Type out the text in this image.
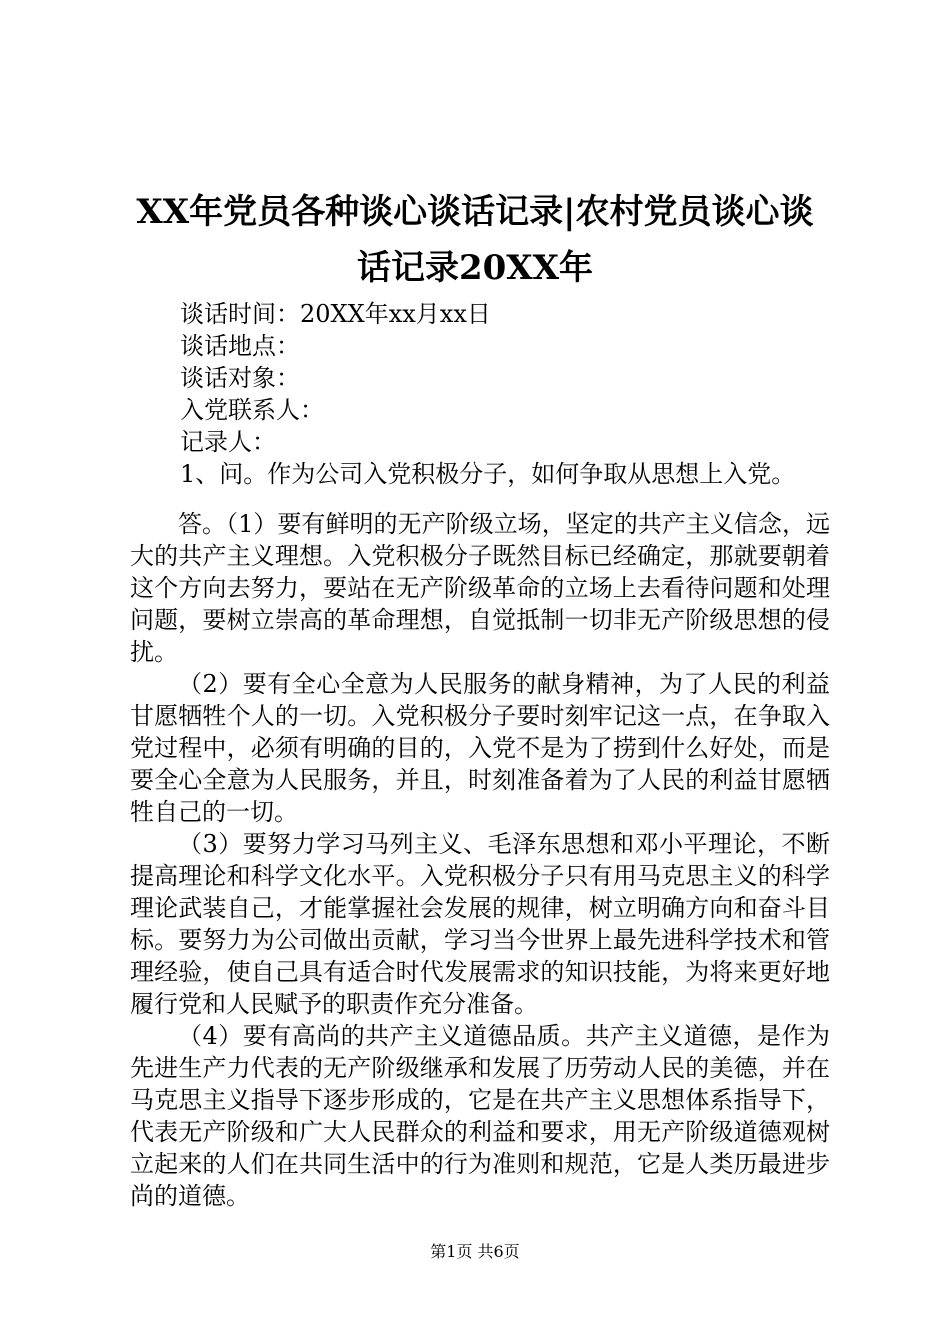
XX年党员各种谈心谈话记录|农村党员谈心谈话记录20XX年
谈话时间：20XX年xx月xx日
谈话地点：
谈话对象：
入党联系人：
记录人：
1、问。作为公司入党积极分子，如何争取从思想上入党。

答。（1）要有鲜明的无产阶级立场，坚定的共产主义信念，远大的共产主义理想。入党积极分子既然目标已经确定，那就要朝着这个方向去努力，要站在无产阶级革命的立场上去看待问题和处理问题，要树立崇高的革命理想，自觉抵制一切非无产阶级思想的侵扰。

（2）要有全心全意为人民服务的献身精神，为了人民的利益甘愿牺牲个人的一切。入党积极分子要时刻牢记这一点，在争取入党过程中，必须有明确的目的，入党不是为了捞到什么好处，而是要全心全意为人民服务，并且，时刻准备着为了人民的利益甘愿牺牲自己的一切。

（3）要努力学习马列主义、毛泽东思想和邓小平理论，不断提高理论和科学文化水平。入党积极分子只有用马克思主义的科学理论武装自己，才能掌握社会发展的规律，树立明确方向和奋斗目标。要努力为公司做出贡献，学习当今世界上最先进科学技术和管理经验，使自己具有适合时代发展需求的知识技能，为将来更好地履行党和人民赋予的职责作充分准备。

（4）要有高尚的共产主义道德品质。共产主义道德，是作为先进生产力代表的无产阶级继承和发展了历劳动人民的美德，并在马克思主义指导下逐步形成的，它是在共产主义思想体系指导下，代表无产阶级和广大人民群众的利益和要求，用无产阶级道德观树立起来的人们在共同生活中的行为准则和规范，它是人类历最进步尚的道德。

第1页 共6页
